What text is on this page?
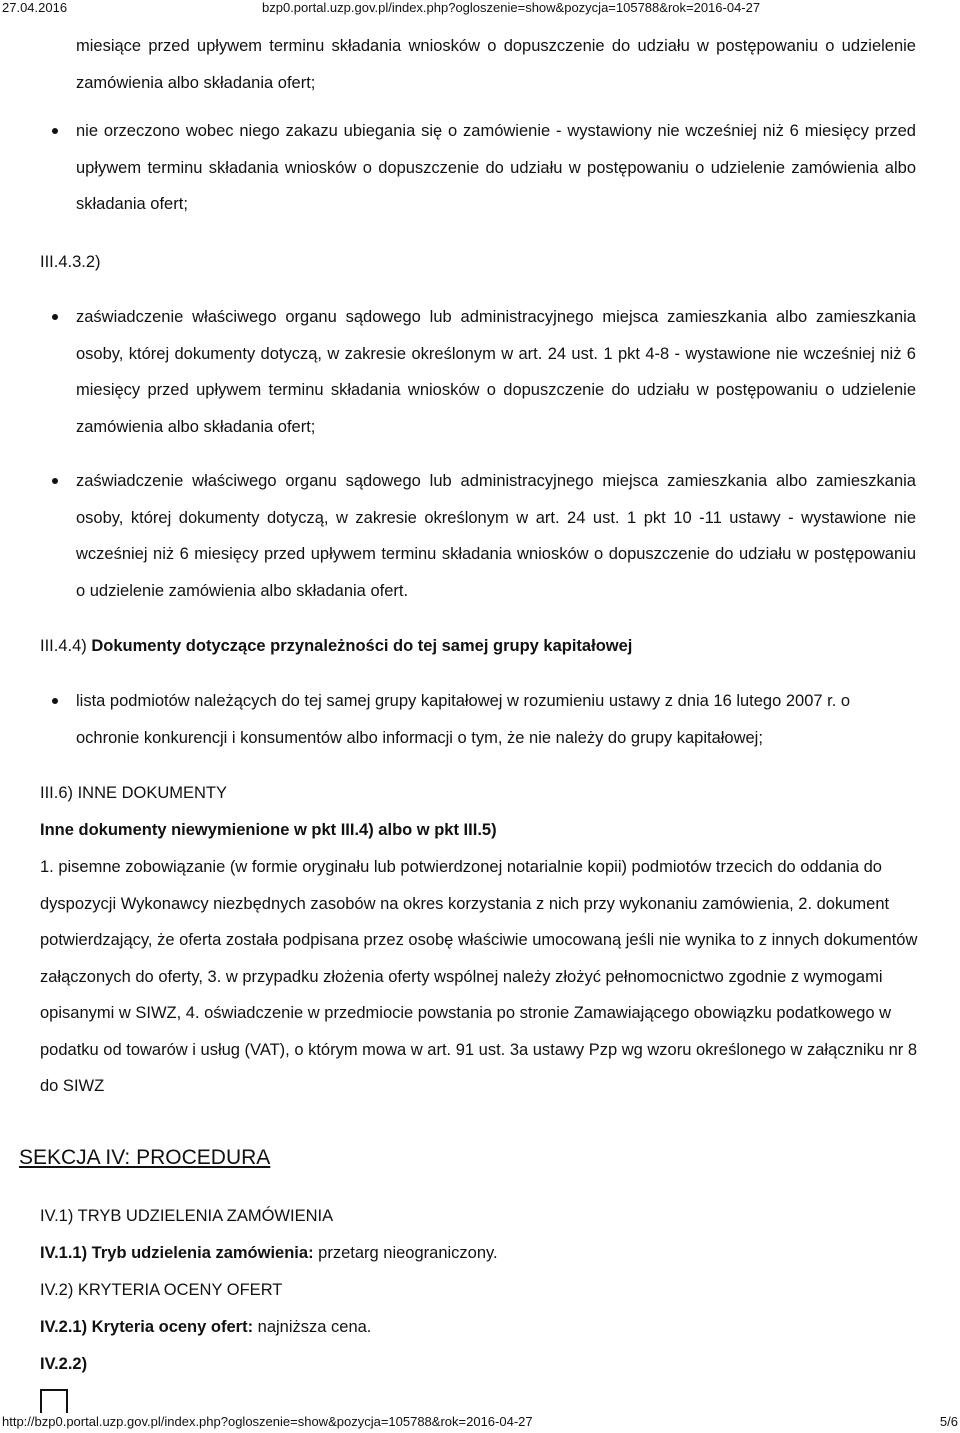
27.04.2016	bzp0.portal.uzp.gov.pl/index.php?ogloszenie=show&pozycja=105788&rok=2016-04-27
miesiące przed upływem terminu składania wniosków o dopuszczenie do udziału w postępowaniu o udzielenie zamówienia albo składania ofert;
nie orzeczono wobec niego zakazu ubiegania się o zamówienie - wystawiony nie wcześniej niż 6 miesięcy przed upływem terminu składania wniosków o dopuszczenie do udziału w postępowaniu o udzielenie zamówienia albo składania ofert;
III.4.3.2)
zaświadczenie właściwego organu sądowego lub administracyjnego miejsca zamieszkania albo zamieszkania osoby, której dokumenty dotyczą, w zakresie określonym w art. 24 ust. 1 pkt 4-8 - wystawione nie wcześniej niż 6 miesięcy przed upływem terminu składania wniosków o dopuszczenie do udziału w postępowaniu o udzielenie zamówienia albo składania ofert;
zaświadczenie właściwego organu sądowego lub administracyjnego miejsca zamieszkania albo zamieszkania osoby, której dokumenty dotyczą, w zakresie określonym w art. 24 ust. 1 pkt 10 -11 ustawy - wystawione nie wcześniej niż 6 miesięcy przed upływem terminu składania wniosków o dopuszczenie do udziału w postępowaniu o udzielenie zamówienia albo składania ofert.
III.4.4) Dokumenty dotyczące przynależności do tej samej grupy kapitałowej
lista podmiotów należących do tej samej grupy kapitałowej w rozumieniu ustawy z dnia 16 lutego 2007 r. o ochronie konkurencji i konsumentów albo informacji o tym, że nie należy do grupy kapitałowej;
III.6) INNE DOKUMENTY
Inne dokumenty niewymienione w pkt III.4) albo w pkt III.5)
1. pisemne zobowiązanie (w formie oryginału lub potwierdzonej notarialnie kopii) podmiotów trzecich do oddania do dyspozycji Wykonawcy niezbędnych zasobów na okres korzystania z nich przy wykonaniu zamówienia, 2. dokument potwierdzający, że oferta została podpisana przez osobę właściwie umocowaną jeśli nie wynika to z innych dokumentów załączonych do oferty, 3. w przypadku złożenia oferty wspólnej należy złożyć pełnomocnictwo zgodnie z wymogami opisanymi w SIWZ, 4. oświadczenie w przedmiocie powstania po stronie Zamawiającego obowiązku podatkowego w podatku od towarów i usług (VAT), o którym mowa w art. 91 ust. 3a ustawy Pzp wg wzoru określonego w załączniku nr 8 do SIWZ
SEKCJA IV: PROCEDURA
IV.1) TRYB UDZIELENIA ZAMÓWIENIA
IV.1.1) Tryb udzielenia zamówienia: przetarg nieograniczony.
IV.2) KRYTERIA OCENY OFERT
IV.2.1) Kryteria oceny ofert: najniższa cena.
IV.2.2)
http://bzp0.portal.uzp.gov.pl/index.php?ogloszenie=show&pozycja=105788&rok=2016-04-27	5/6
